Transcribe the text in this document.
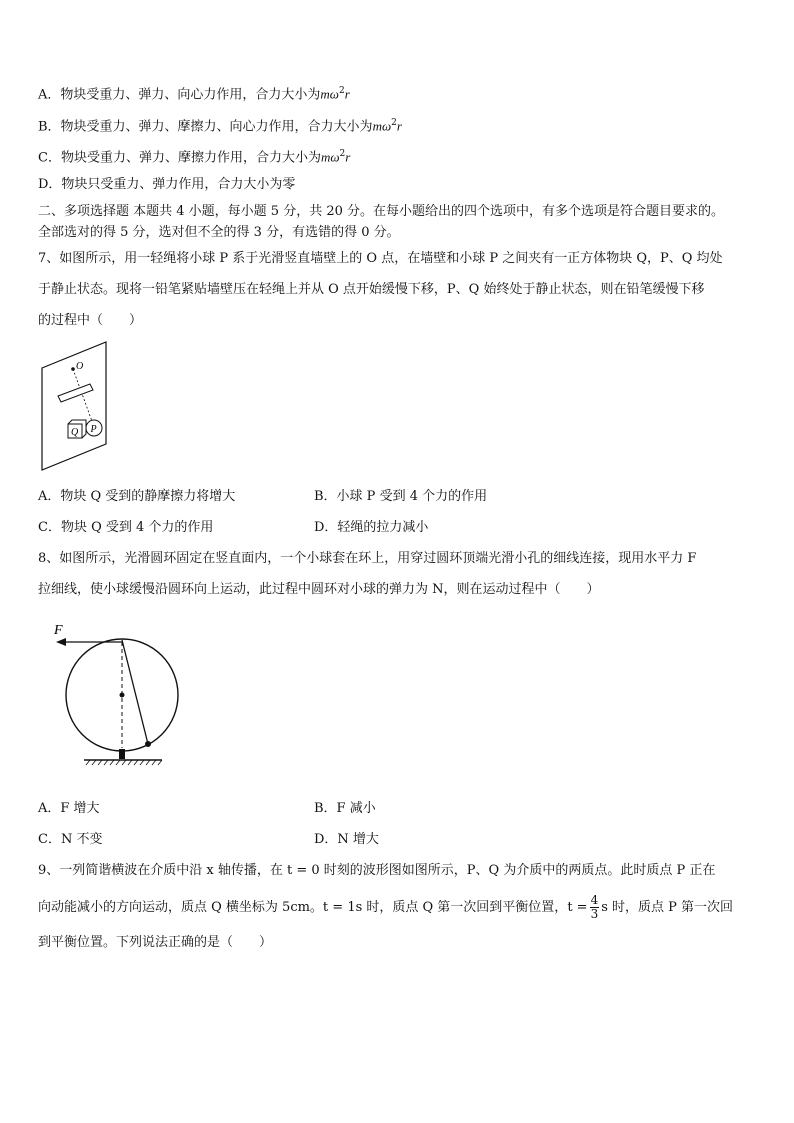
A．物块受重力、弹力、向心力作用，合力大小为$m\omega^2r$
B．物块受重力、弹力、摩擦力、向心力作用，合力大小为$m\omega^2r$
C．物块受重力、弹力、摩擦力作用，合力大小为$m\omega^2r$
D．物块只受重力、弹力作用，合力大小为零
二、多项选择题 本题共 4 小题，每小题 5 分，共 20 分。在每小题给出的四个选项中，有多个选项是符合题目要求的。
全部选对的得 5 分，选对但不全的得 3 分，有选错的得 0 分。
7、如图所示，用一轻绳将小球 P 系于光滑竖直墙壁上的 O 点，在墙壁和小球 P 之间夹有一正方体物块 Q，P、Q 均处
于静止状态。现将一铅笔紧贴墙壁压在轻绳上并从 O 点开始缓慢下移，P、Q 始终处于静止状态，则在铅笔缓慢下移
的过程中（　　）
O
Q P
A．物块 Q 受到的静摩擦力将增大	B．小球 P 受到 4 个力的作用
C．物块 Q 受到 4 个力的作用	D．轻绳的拉力减小
8、如图所示，光滑圆环固定在竖直面内，一个小球套在环上，用穿过圆环顶端光滑小孔的细线连接，现用水平力 F
拉细线，使小球缓慢沿圆环向上运动，此过程中圆环对小球的弹力为 N，则在运动过程中（　　）
F
A．F 增大	B．F 减小
C．N 不变	D．N 增大
9、一列简谐横波在介质中沿 x 轴传播，在 t = 0 时刻的波形图如图所示，P、Q 为介质中的两质点。此时质点 P 正在
向动能减小的方向运动，质点 Q 横坐标为 5cm。t = 1s 时，质点 Q 第一次回到平衡位置，$t = \frac{4}{3}$ s 时，质点 P 第一次回
到平衡位置。下列说法正确的是（　　）
